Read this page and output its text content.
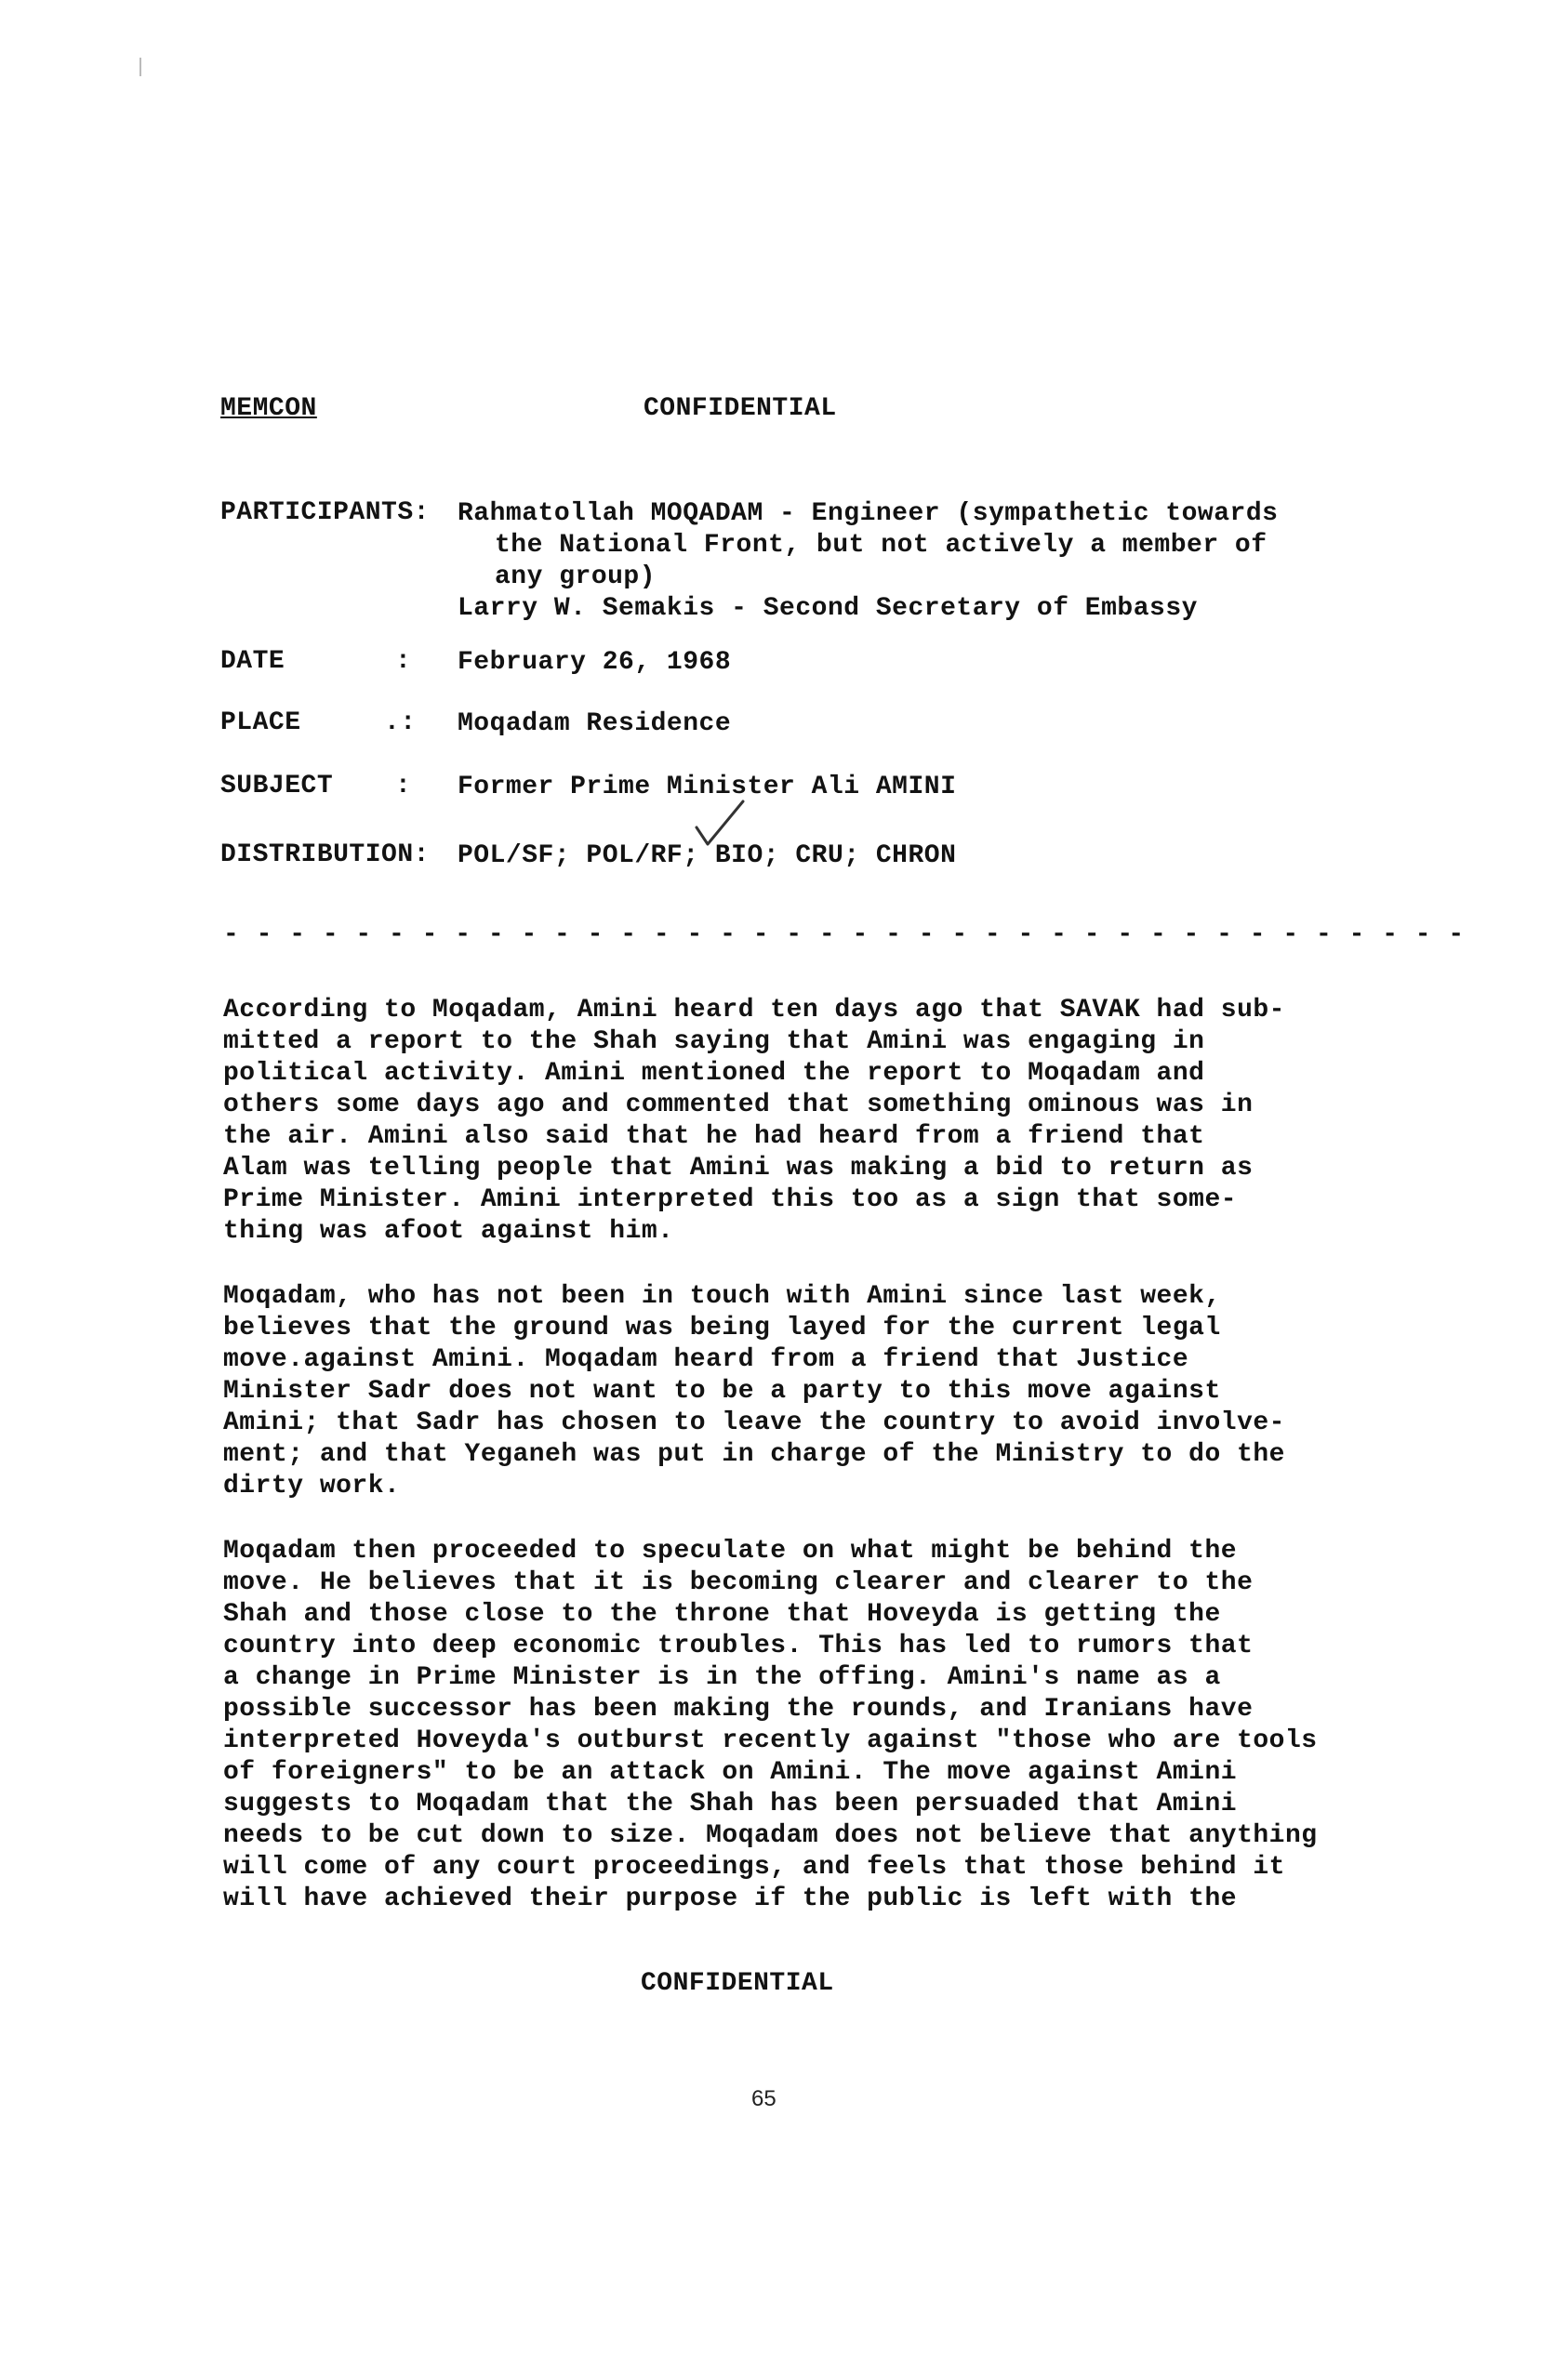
MEMCON	CONFIDENTIAL
PARTICIPANTS: Rahmatollah MOQADAM - Engineer (sympathetic towards
the National Front, but not actively a member of
any group)
Larry W. Semakis - Second Secretary of Embassy
DATE	: February 26, 1968
PLACE	.: Moqadam Residence
SUBJECT : Former Prime Minister Ali AMINI
DISTRIBUTION: POL/SF; POL/RF; BIO; CRU; CHRON
- - - - - - - - - - - - - - - - - - - - - - - - - - - - - - - - - - - - - -
According to Moqadam, Amini heard ten days ago that SAVAK had sub-
mitted a report to the Shah saying that Amini was engaging in
political activity. Amini mentioned the report to Moqadam and
others some days ago and commented that something ominous was in
the air. Amini also said that he had heard from a friend that
Alam was telling people that Amini was making a bid to return as
Prime Minister. Amini interpreted this too as a sign that some-
thing was afoot against him.
Moqadam, who has not been in touch with Amini since last week,
believes that the ground was being layed for the current legal
move.against Amini. Moqadam heard from a friend that Justice
Minister Sadr does not want to be a party to this move against
Amini; that Sadr has chosen to leave the country to avoid involve-
ment; and that Yeganeh was put in charge of the Ministry to do the
dirty work.
Moqadam then proceeded to speculate on what might be behind the
move. He believes that it is becoming clearer and clearer to the
Shah and those close to the throne that Hoveyda is getting the
country into deep economic troubles. This has led to rumors that
a change in Prime Minister is in the offing. Amini's name as a
possible successor has been making the rounds, and Iranians have
interpreted Hoveyda's outburst recently against "those who are tools
of foreigners" to be an attack on Amini. The move against Amini
suggests to Moqadam that the Shah has been persuaded that Amini
needs to be cut down to size. Moqadam does not believe that anything
will come of any court proceedings, and feels that those behind it
will have achieved their purpose if the public is left with the
CONFIDENTIAL
65
